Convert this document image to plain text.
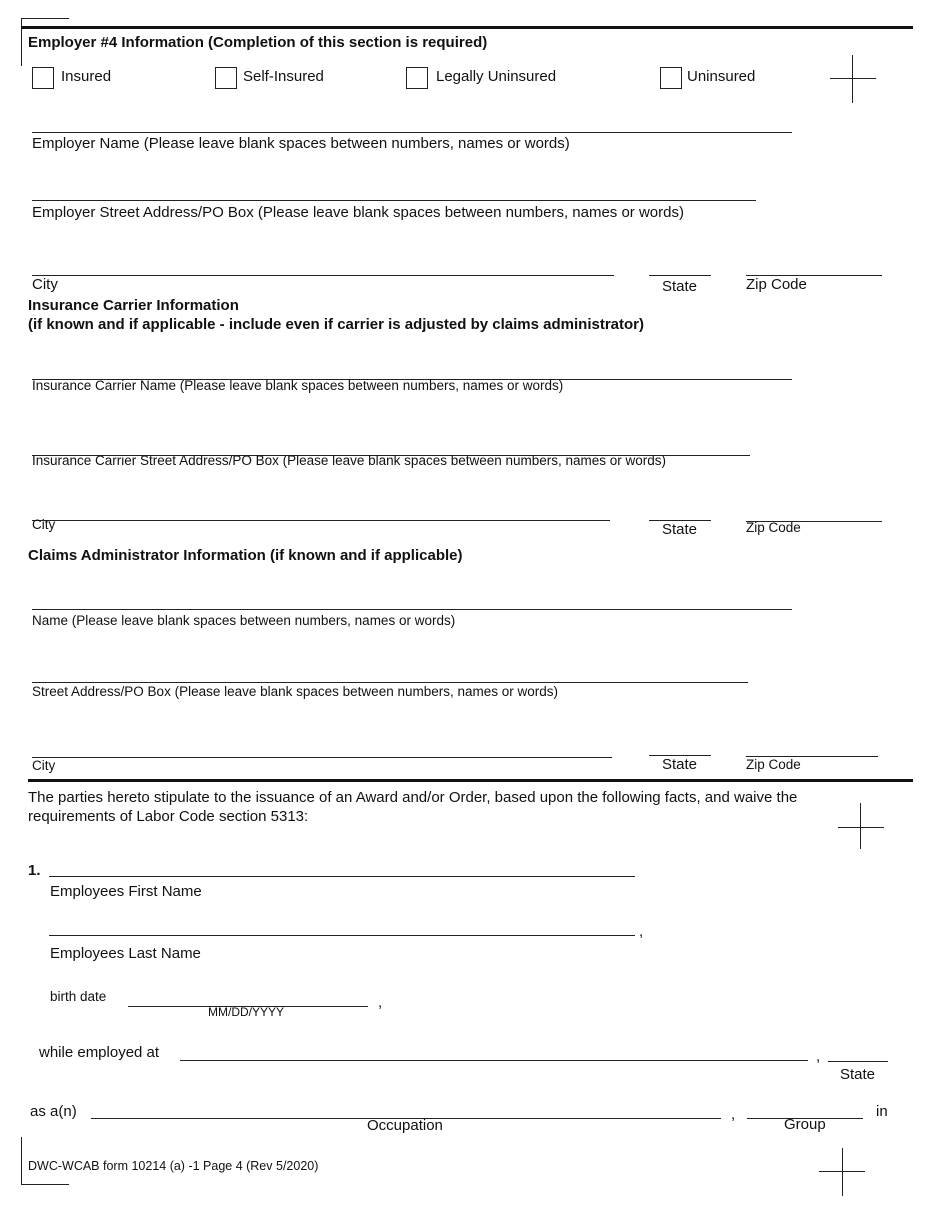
Employer #4 Information (Completion of this section is required)
Insured	Self-Insured	Legally Uninsured	Uninsured
Employer Name (Please leave blank spaces between numbers, names or words)
Employer Street Address/PO Box (Please leave blank spaces between numbers, names or words)
City	State	Zip Code
Insurance Carrier Information
(if known and if applicable - include even if carrier is adjusted by claims administrator)
Insurance Carrier Name (Please leave blank spaces between numbers, names or words)
Insurance Carrier Street Address/PO Box (Please leave blank spaces between numbers, names or words)
City	State	Zip Code
Claims Administrator Information (if known and if applicable)
Name (Please leave blank spaces between numbers, names or words)
Street Address/PO Box (Please leave blank spaces between numbers, names or words)
City	State	Zip Code
The parties hereto stipulate to the issuance of an Award and/or Order, based upon the following facts, and waive the requirements of Labor Code section 5313:
1.
Employees First Name
,
Employees Last Name
birth date
MM/DD/YYYY
,
while employed at	,
State
as a(n)
Occupation
,
Group
in
DWC-WCAB form 10214 (a) -1 Page 4 (Rev 5/2020)
